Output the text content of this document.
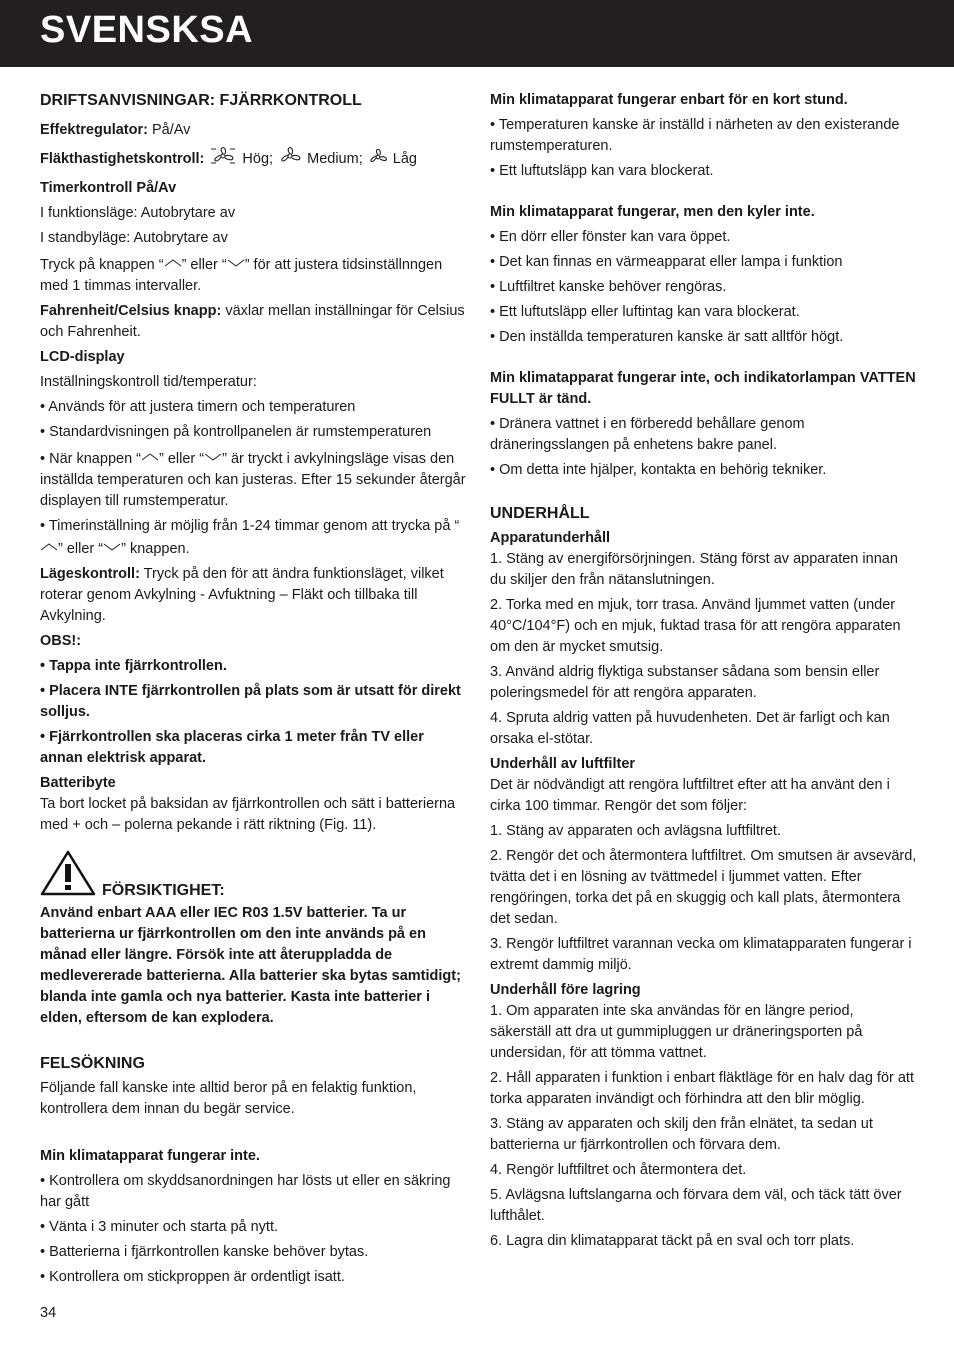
SVENSKSA

DRIFTSANVISNINGAR: FJÄRRKONTROLL

Effektregulator: På/Av

Fläkthastighetskontroll:  Hög;  Medium;  Låg

Timerkontroll På/Av

I funktionsläge: Autobrytare av

I standbyläge: Autobrytare av

Tryck på knappen “ ” eller “ ” för att justera tidsinställnngen med 1 timmas intervaller.

Fahrenheit/Celsius knapp: växlar mellan inställningar för Celsius och Fahrenheit.

LCD-display

Inställningskontroll tid/temperatur:

• Används för att justera timern och temperaturen

• Standardvisningen på kontrollpanelen är rumstemperaturen

• När knappen “ ” eller “ ” är tryckt i avkylningsläge visas den inställda temperaturen och kan justeras. Efter 15 sekunder återgår displayen till rumstemperatur.

• Timerinställning är möjlig från 1-24 timmar genom att trycka på “” eller “ ” knappen.

Lägeskontroll: Tryck på den för att ändra funktionsläget, vilket roterar genom Avkylning - Avfuktning – Fläkt och tillbaka till Avkylning.

OBS!:

• Tappa inte fjärrkontrollen.

• Placera INTE fjärrkontrollen på plats som är utsatt för direkt solljus.

• Fjärrkontrollen ska placeras cirka 1 meter från TV eller annan elektrisk apparat.

Batteribyte

Ta bort locket på baksidan av fjärrkontrollen och sätt i batterierna med + och – polerna pekande i rätt riktning (Fig. 11).

FÖRSIKTIGHET:

Använd enbart AAA eller IEC R03 1.5V batterier. Ta ur batterierna ur fjärrkontrollen om den inte används på en månad eller längre. Försök inte att återuppladda de medlevererade batterierna. Alla batterier ska bytas samtidigt; blanda inte gamla och nya batterier. Kasta inte batterier i elden, eftersom de kan explodera.

FELSÖKNING

Följande fall kanske inte alltid beror på en felaktig funktion, kontrollera dem innan du begär service.

Min klimatapparat fungerar inte.

• Kontrollera om skyddsanordningen har lösts ut eller en säkring har gått

• Vänta i 3 minuter och starta på nytt.

• Batterierna i fjärrkontrollen kanske behöver bytas.

• Kontrollera om stickproppen är ordentligt isatt.

Min klimatapparat fungerar enbart för en kort stund.

• Temperaturen kanske är inställd i närheten av den existerande rumstemperaturen.

• Ett luftutsläpp kan vara blockerat.

Min klimatapparat fungerar, men den kyler inte.

• En dörr eller fönster kan vara öppet.

• Det kan finnas en värmeapparat eller lampa i funktion

• Luftfiltret kanske behöver rengöras.

• Ett luftutsläpp eller luftintag kan vara blockerat.

• Den inställda temperaturen kanske är satt alltför högt.

Min klimatapparat fungerar inte, och indikatorlampan VATTEN FULLT är tänd.

• Dränera vattnet i en förberedd behållare genom dräneringsslangen på enhetens bakre panel.

• Om detta inte hjälper, kontakta en behörig tekniker.

UNDERHÅLL

Apparatunderhåll

1. Stäng av energiförsörjningen. Stäng först av apparaten innan du skiljer den från nätanslutningen.

2. Torka med en mjuk, torr trasa. Använd ljummet vatten (under 40°C/104°F) och en mjuk, fuktad trasa för att rengöra apparaten om den är mycket smutsig.

3. Använd aldrig flyktiga substanser sådana som bensin eller poleringsmedel för att rengöra apparaten.

4. Spruta aldrig vatten på huvudenheten. Det är farligt och kan orsaka el-stötar.

Underhåll av luftfilter

Det är nödvändigt att rengöra luftfiltret efter att ha använt den i cirka 100 timmar. Rengör det som följer:

1. Stäng av apparaten och avlägsna luftfiltret.

2. Rengör det och återmontera luftfiltret. Om smutsen är avsevärd, tvätta det i en lösning av tvättmedel i ljummet vatten. Efter rengöringen, torka det på en skuggig och kall plats, återmontera det sedan.

3. Rengör luftfiltret varannan vecka om klimatapparaten fungerar i extremt dammig miljö.

Underhåll före lagring

1. Om apparaten inte ska användas för en längre period, säkerställ att dra ut gummipluggen ur dräneringsporten på undersidan, för att tömma vattnet.

2. Håll apparaten i funktion i enbart fläktläge för en halv dag för att torka apparaten invändigt och förhindra att den blir möglig.

3. Stäng av apparaten och skilj den från elnätet, ta sedan ut batterierna ur fjärrkontrollen och förvara dem.

4. Rengör luftfiltret och återmontera det.

5. Avlägsna luftslangarna och förvara dem väl, och täck tätt över lufthålet.

6. Lagra din klimatapparat täckt på en sval och torr plats.

34
